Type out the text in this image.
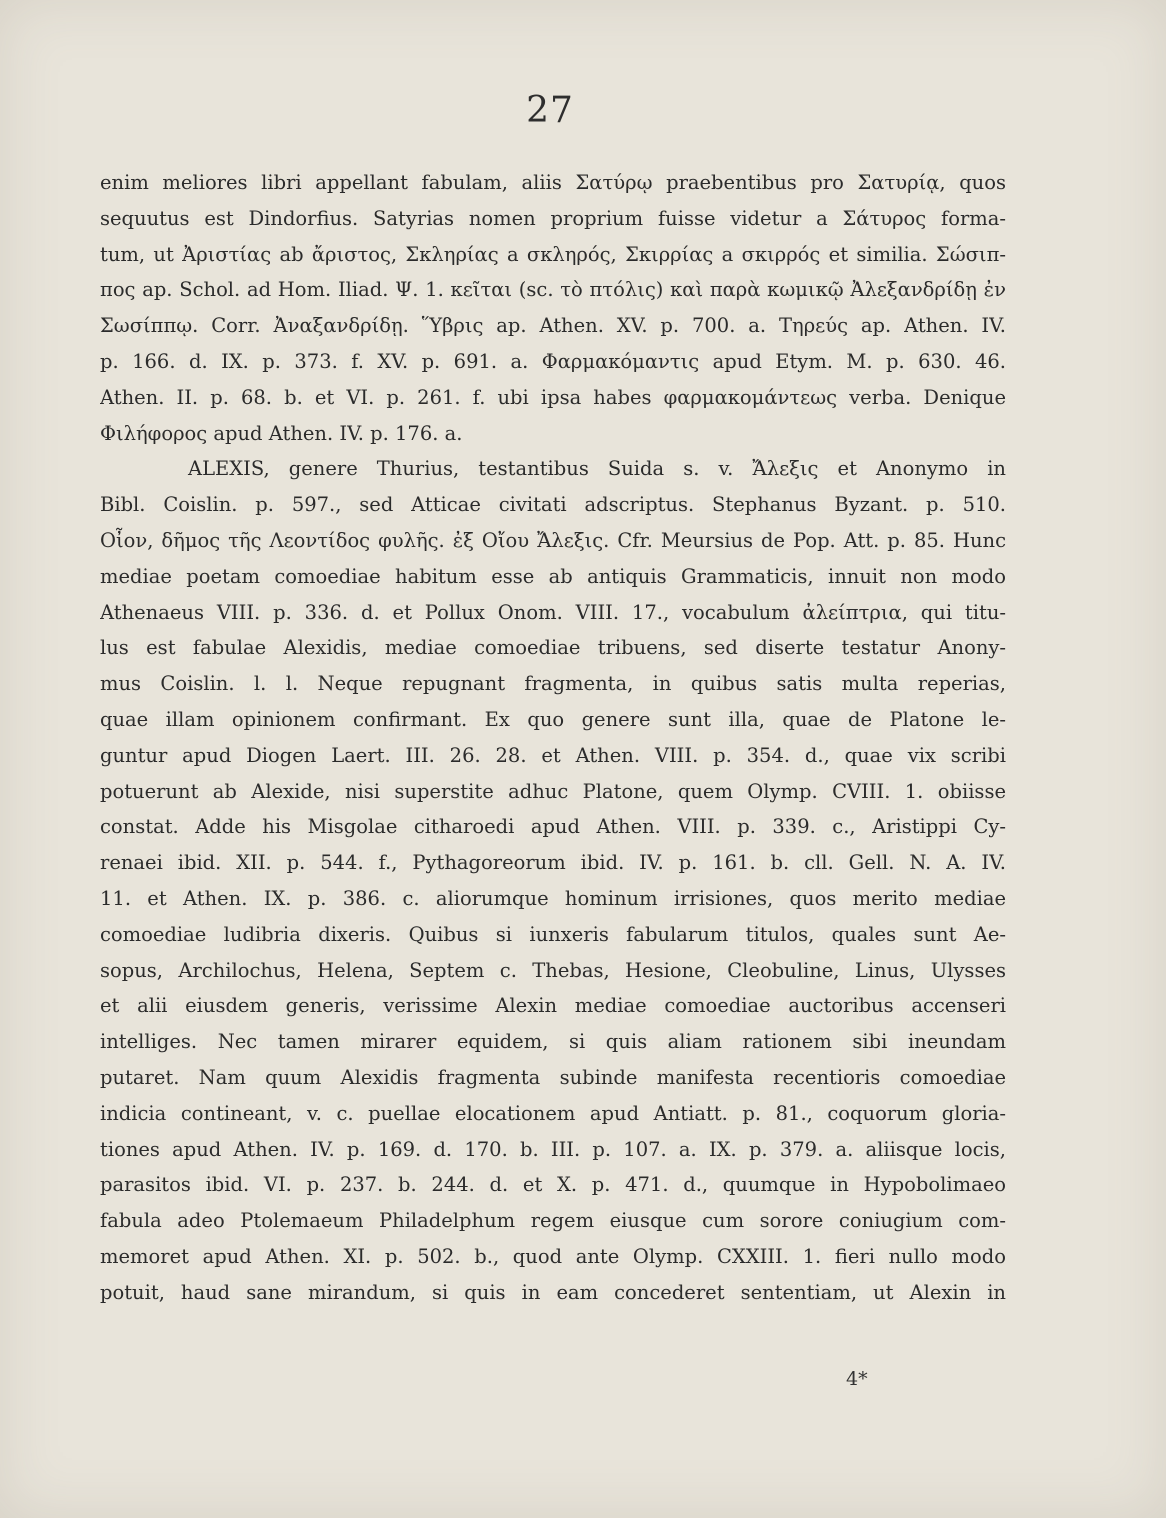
27
enim meliores libri appellant fabulam, aliis Σατύρῳ praebentibus pro Σατυρίᾳ, quos
sequutus est Dindorfius. Satyrias nomen proprium fuisse videtur a Σάτυρος forma-
tum, ut Ἀριστίας ab ἄριστος, Σκληρίας a σκληρός, Σκιρρίας a σκιρρός et similia. Σώσιπ-
πος ap. Schol. ad Hom. Iliad. Ψ. 1. κεῖται (sc. τὸ πτόλις) καὶ παρὰ κωμικῷ Ἀλεξανδρίδῃ ἐν
Σωσίππῳ. Corr. Ἀναξανδρίδῃ. Ὕβρις ap. Athen. XV. p. 700. a. Τηρεύς ap. Athen. IV.
p. 166. d. IX. p. 373. f. XV. p. 691. a. Φαρμακόμαντις apud Etym. M. p. 630. 46.
Athen. II. p. 68. b. et VI. p. 261. f. ubi ipsa habes φαρμακομάντεως verba. Denique
Φιλήφορος apud Athen. IV. p. 176. a.
ALEXIS, genere Thurius, testantibus Suida s. v. Ἄλεξις et Anonymo in
Bibl. Coislin. p. 597., sed Atticae civitati adscriptus. Stephanus Byzant. p. 510.
Οἶον, δῆμος τῆς Λεοντίδος φυλῆς. ἐξ Οἴου Ἄλεξις. Cfr. Meursius de Pop. Att. p. 85. Hunc
mediae poetam comoediae habitum esse ab antiquis Grammaticis, innuit non modo
Athenaeus VIII. p. 336. d. et Pollux Onom. VIII. 17., vocabulum ἀλείπτρια, qui titu-
lus est fabulae Alexidis, mediae comoediae tribuens, sed diserte testatur Anony-
mus Coislin. l. l. Neque repugnant fragmenta, in quibus satis multa reperias,
quae illam opinionem confirmant. Ex quo genere sunt illa, quae de Platone le-
guntur apud Diogen Laert. III. 26. 28. et Athen. VIII. p. 354. d., quae vix scribi
potuerunt ab Alexide, nisi superstite adhuc Platone, quem Olymp. CVIII. 1. obiisse
constat. Adde his Misgolae citharoedi apud Athen. VIII. p. 339. c., Aristippi Cy-
renaei ibid. XII. p. 544. f., Pythagoreorum ibid. IV. p. 161. b. cll. Gell. N. A. IV.
11. et Athen. IX. p. 386. c. aliorumque hominum irrisiones, quos merito mediae
comoediae ludibria dixeris. Quibus si iunxeris fabularum titulos, quales sunt Ae-
sopus, Archilochus, Helena, Septem c. Thebas, Hesione, Cleobuline, Linus, Ulysses
et alii eiusdem generis, verissime Alexin mediae comoediae auctoribus accenseri
intelliges. Nec tamen mirarer equidem, si quis aliam rationem sibi ineundam
putaret. Nam quum Alexidis fragmenta subinde manifesta recentioris comoediae
indicia contineant, v. c. puellae elocationem apud Antiatt. p. 81., coquorum gloria-
tiones apud Athen. IV. p. 169. d. 170. b. III. p. 107. a. IX. p. 379. a. aliisque locis,
parasitos ibid. VI. p. 237. b. 244. d. et X. p. 471. d., quumque in Hypobolimaeo
fabula adeo Ptolemaeum Philadelphum regem eiusque cum sorore coniugium com-
memoret apud Athen. XI. p. 502. b., quod ante Olymp. CXXIII. 1. fieri nullo modo
potuit, haud sane mirandum, si quis in eam concederet sententiam, ut Alexin in
4*
